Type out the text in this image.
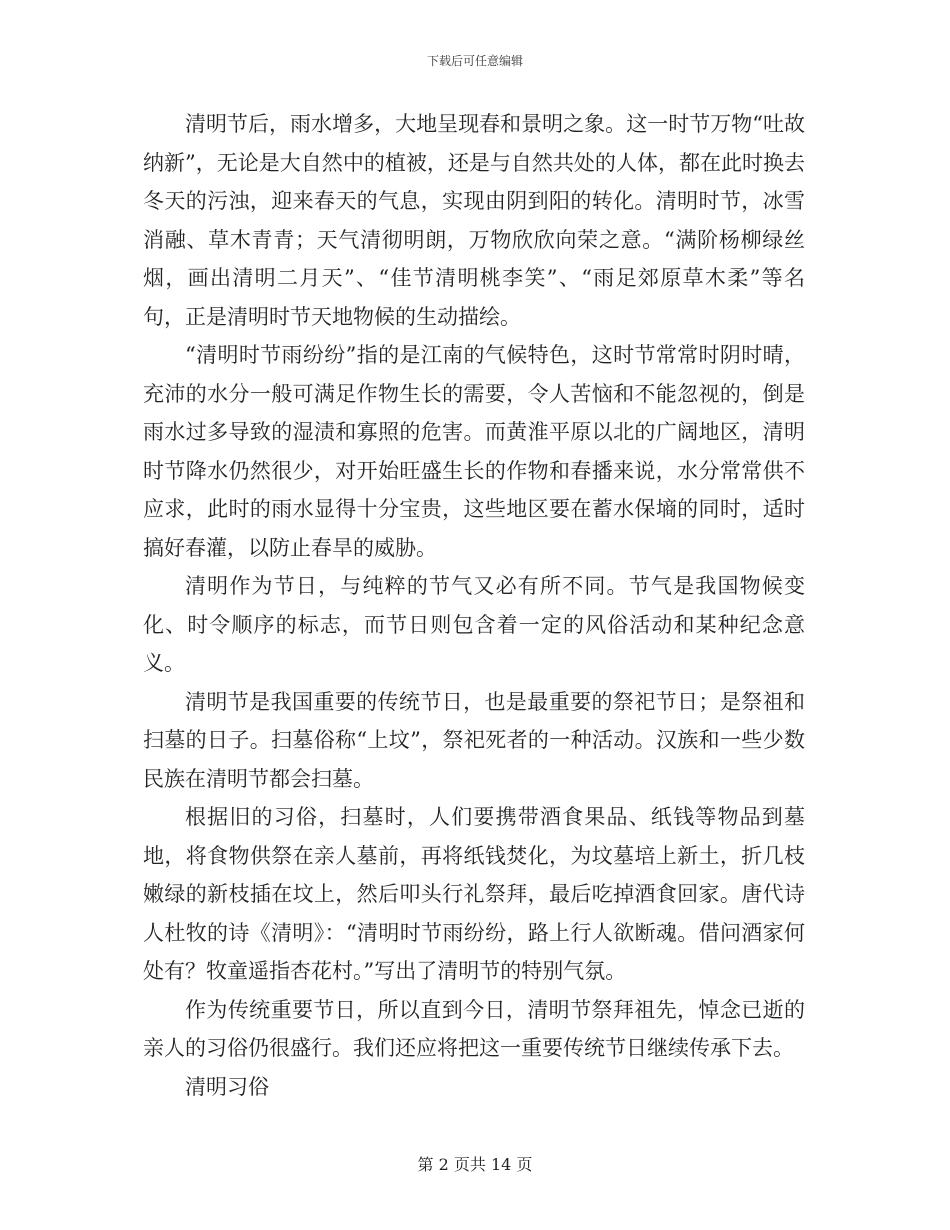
下载后可任意编辑

清明节后，雨水增多，大地呈现春和景明之象。这一时节万物“吐故纳新”，无论是大自然中的植被，还是与自然共处的人体，都在此时换去冬天的污浊，迎来春天的气息，实现由阴到阳的转化。清明时节，冰雪消融、草木青青；天气清彻明朗，万物欣欣向荣之意。“满阶杨柳绿丝烟，画出清明二月天”、“佳节清明桃李笑”、“雨足郊原草木柔”等名句，正是清明时节天地物候的生动描绘。

“清明时节雨纷纷”指的是江南的气候特色，这时节常常时阴时晴，充沛的水分一般可满足作物生长的需要，令人苦恼和不能忽视的，倒是雨水过多导致的湿渍和寡照的危害。而黄淮平原以北的广阔地区，清明时节降水仍然很少，对开始旺盛生长的作物和春播来说，水分常常供不应求，此时的雨水显得十分宝贵，这些地区要在蓄水保墒的同时，适时搞好春灌，以防止春旱的威胁。

清明作为节日，与纯粹的节气又必有所不同。节气是我国物候变化、时令顺序的标志，而节日则包含着一定的风俗活动和某种纪念意义。

清明节是我国重要的传统节日，也是最重要的祭祀节日；是祭祖和扫墓的日子。扫墓俗称“上坟”，祭祀死者的一种活动。汉族和一些少数民族在清明节都会扫墓。

根据旧的习俗，扫墓时，人们要携带酒食果品、纸钱等物品到墓地，将食物供祭在亲人墓前，再将纸钱焚化，为坟墓培上新土，折几枝嫩绿的新枝插在坟上，然后叩头行礼祭拜，最后吃掉酒食回家。唐代诗人杜牧的诗《清明》：“清明时节雨纷纷，路上行人欲断魂。借问酒家何处有？牧童遥指杏花村。”写出了清明节的特别气氛。

作为传统重要节日，所以直到今日，清明节祭拜祖先，悼念已逝的亲人的习俗仍很盛行。我们还应将把这一重要传统节日继续传承下去。

清明习俗

第 2 页共 14 页
